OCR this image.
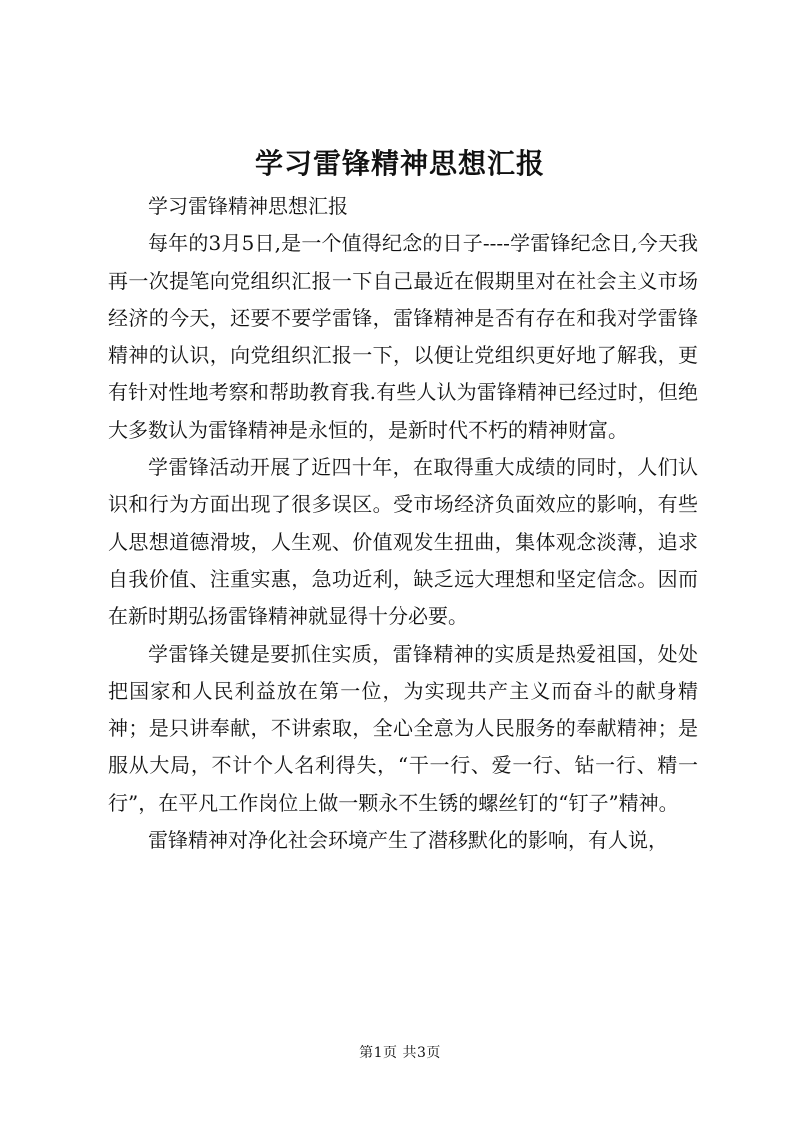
学习雷锋精神思想汇报

学习雷锋精神思想汇报

每年的3月5日,是一个值得纪念的日子----学雷锋纪念日,今天我再一次提笔向党组织汇报一下自己最近在假期里对在社会主义市场经济的今天，还要不要学雷锋，雷锋精神是否有存在和我对学雷锋精神的认识，向党组织汇报一下，以便让党组织更好地了解我，更有针对性地考察和帮助教育我.有些人认为雷锋精神已经过时，但绝大多数认为雷锋精神是永恒的，是新时代不朽的精神财富。

学雷锋活动开展了近四十年，在取得重大成绩的同时，人们认识和行为方面出现了很多误区。受市场经济负面效应的影响，有些人思想道德滑坡，人生观、价值观发生扭曲，集体观念淡薄，追求自我价值、注重实惠，急功近利，缺乏远大理想和坚定信念。因而在新时期弘扬雷锋精神就显得十分必要。

学雷锋关键是要抓住实质，雷锋精神的实质是热爱祖国，处处把国家和人民利益放在第一位，为实现共产主义而奋斗的献身精神；是只讲奉献，不讲索取，全心全意为人民服务的奉献精神；是服从大局，不计个人名利得失，“干一行、爱一行、钻一行、精一行”，在平凡工作岗位上做一颗永不生锈的螺丝钉的“钉子”精神。

雷锋精神对净化社会环境产生了潜移默化的影响，有人说，

第1页 共3页
